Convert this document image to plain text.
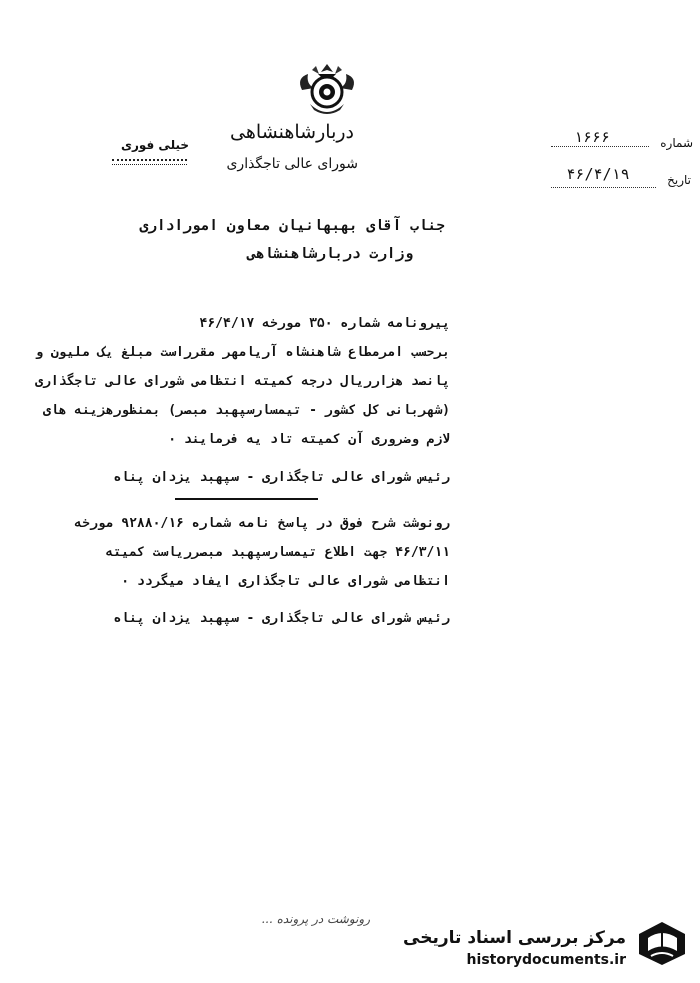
دربارشاهنشاهی
شورای عالی تاجگذاری
خیلی فوری	شماره
۱۶۶۶
تاریخ
۴۶/۴/۱۹
جناب آقای بهبهانیان معاون اموراداری
وزارت دربارشاهنشاهی
پیرونامه شماره ۳۵۰ مورخه ۴۶/۴/۱۷
برحسب امرمطاع شاهنشاه آریامهر مقرراست مبلغ یک ملیون و
پانصد هزارریال درجه کمیته انتظامی شورای عالی تاجگذاری
(شهربانی کل کشور - تیمسارسپهبد مبصر) بمنظورهزینه های
لازم وضروری آن کمیته تاد یه فرمایند ۰
رئیس شورای عالی تاجگذاری - سپهبد یزدان پناه
رونوشت شرح فوق در پاسخ نامه شماره ۹۲۸۸۰/۱۶ مورخه
۴۶/۳/۱۱ جهت اطلاع تیمسارسپهبد مبصرریاست کمیته
انتظامی شورای عالی تاجگذاری ایفاد میگردد ۰
رئیس شورای عالی تاجگذاری - سپهبد یزدان پناه
رونوشت در پرونده ...
مرکز بررسی اسناد تاریخی
historydocuments.ir
